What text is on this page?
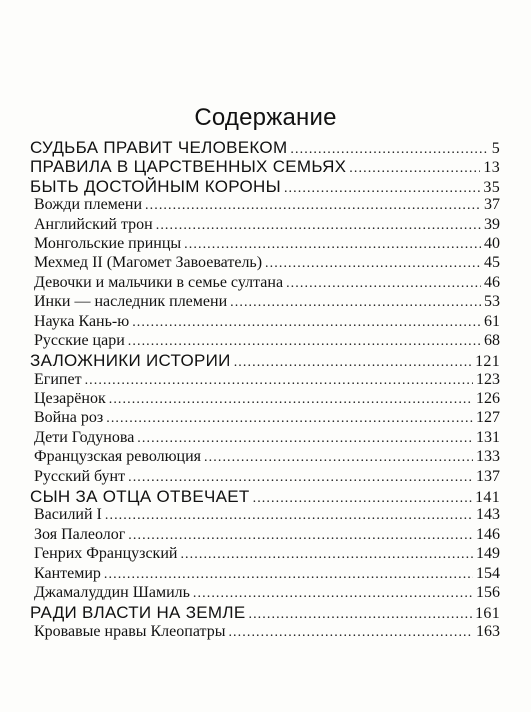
Содержание
СУДЬБА ПРАВИТ ЧЕЛОВЕКОМ . . .	5
ПРАВИЛА В ЦАРСТВЕННЫХ СЕМЬЯХ . . .	13
БЫТЬ ДОСТОЙНЫМ КОРОНЫ . . .	35
Вожди племени . . .	37
Английский трон . . .	39
Монгольские принцы . . .	40
Мехмед II (Магомет Завоеватель) . . .	45
Девочки и мальчики в семье султана . . .	46
Инки — наследник племени . . .	53
Наука Кань-ю . . .	61
Русские цари . . .	68
ЗАЛОЖНИКИ ИСТОРИИ . . .	121
Египет . . .	123
Цезарёнок . . .	126
Война роз . . .	127
Дети Годунова . . .	131
Французская революция . . .	133
Русский бунт . . .	137
СЫН ЗА ОТЦА ОТВЕЧАЕТ . . .	141
Василий I . . .	143
Зоя Палеолог . . .	146
Генрих Французский . . .	149
Кантемир . . .	154
Джамалуддин Шамиль . . .	156
РАДИ ВЛАСТИ НА ЗЕМЛЕ . . .	161
Кровавые нравы Клеопатры . . .	163
